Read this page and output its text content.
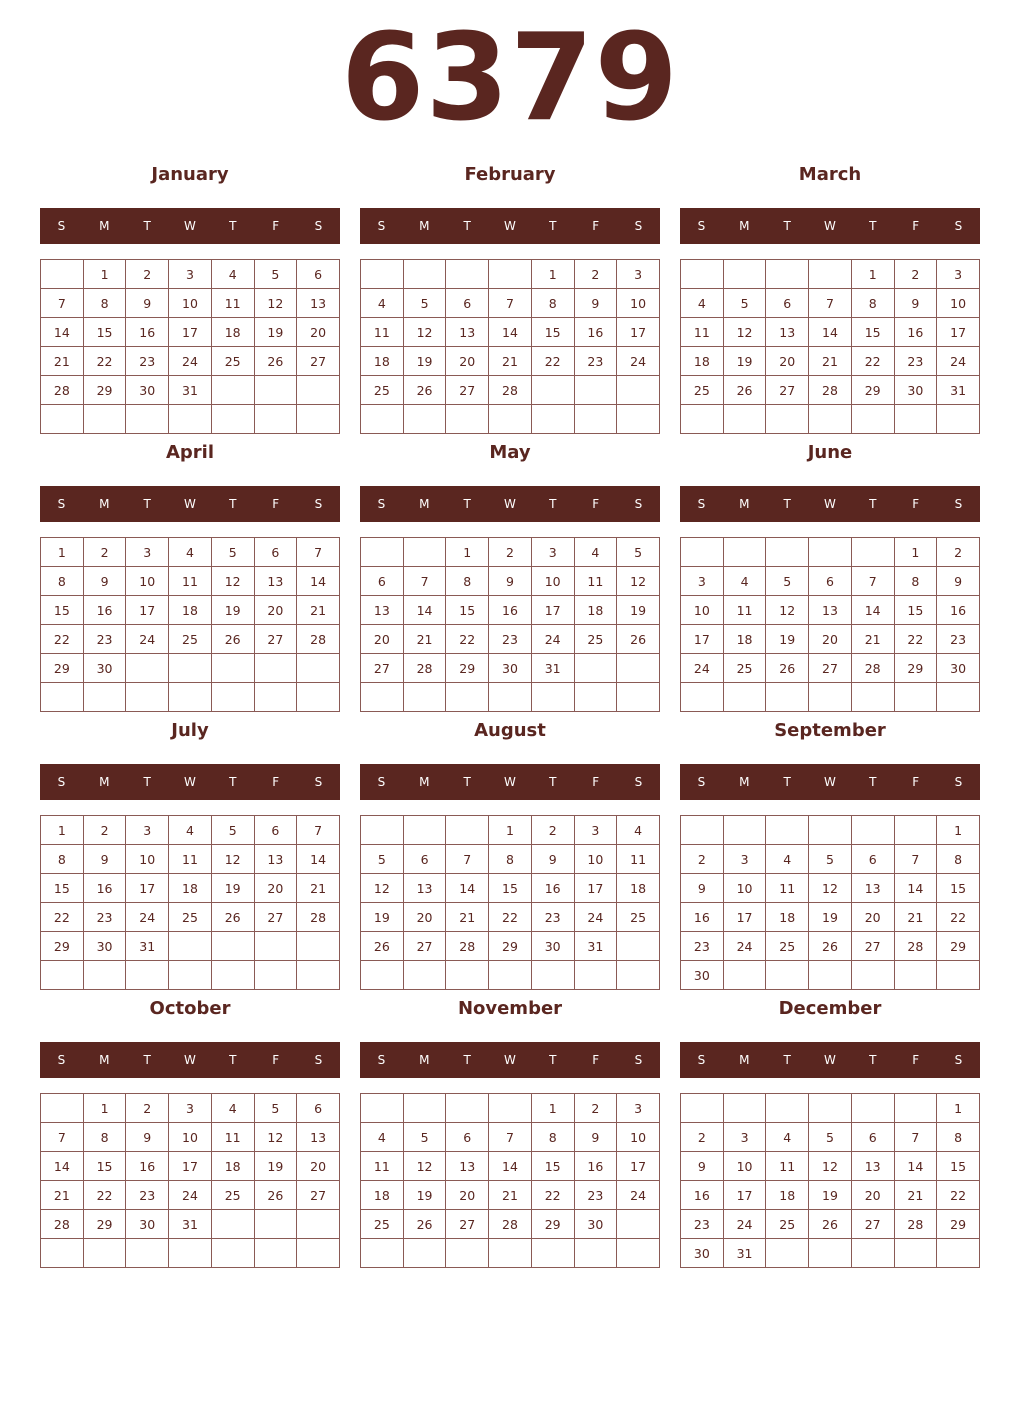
6379
January
S	M	T	W	T	F	S
	1	2	3	4	5	6
7	8	9	10	11	12	13
14	15	16	17	18	19	20
21	22	23	24	25	26	27
28	29	30	31			

February
S	M	T	W	T	F	S
				1	2	3
4	5	6	7	8	9	10
11	12	13	14	15	16	17
18	19	20	21	22	23	24
25	26	27	28			

March
S	M	T	W	T	F	S
				1	2	3
4	5	6	7	8	9	10
11	12	13	14	15	16	17
18	19	20	21	22	23	24
25	26	27	28	29	30	31

April
S	M	T	W	T	F	S
1	2	3	4	5	6	7
8	9	10	11	12	13	14
15	16	17	18	19	20	21
22	23	24	25	26	27	28
29	30					

May
S	M	T	W	T	F	S
		1	2	3	4	5
6	7	8	9	10	11	12
13	14	15	16	17	18	19
20	21	22	23	24	25	26
27	28	29	30	31		

June
S	M	T	W	T	F	S
					1	2
3	4	5	6	7	8	9
10	11	12	13	14	15	16
17	18	19	20	21	22	23
24	25	26	27	28	29	30

July
S	M	T	W	T	F	S
1	2	3	4	5	6	7
8	9	10	11	12	13	14
15	16	17	18	19	20	21
22	23	24	25	26	27	28
29	30	31				

August
S	M	T	W	T	F	S
			1	2	3	4
5	6	7	8	9	10	11
12	13	14	15	16	17	18
19	20	21	22	23	24	25
26	27	28	29	30	31	

September
S	M	T	W	T	F	S
						1
2	3	4	5	6	7	8
9	10	11	12	13	14	15
16	17	18	19	20	21	22
23	24	25	26	27	28	29
30						
October
S	M	T	W	T	F	S
	1	2	3	4	5	6
7	8	9	10	11	12	13
14	15	16	17	18	19	20
21	22	23	24	25	26	27
28	29	30	31			

November
S	M	T	W	T	F	S
				1	2	3
4	5	6	7	8	9	10
11	12	13	14	15	16	17
18	19	20	21	22	23	24
25	26	27	28	29	30	

December
S	M	T	W	T	F	S
						1
2	3	4	5	6	7	8
9	10	11	12	13	14	15
16	17	18	19	20	21	22
23	24	25	26	27	28	29
30	31					
